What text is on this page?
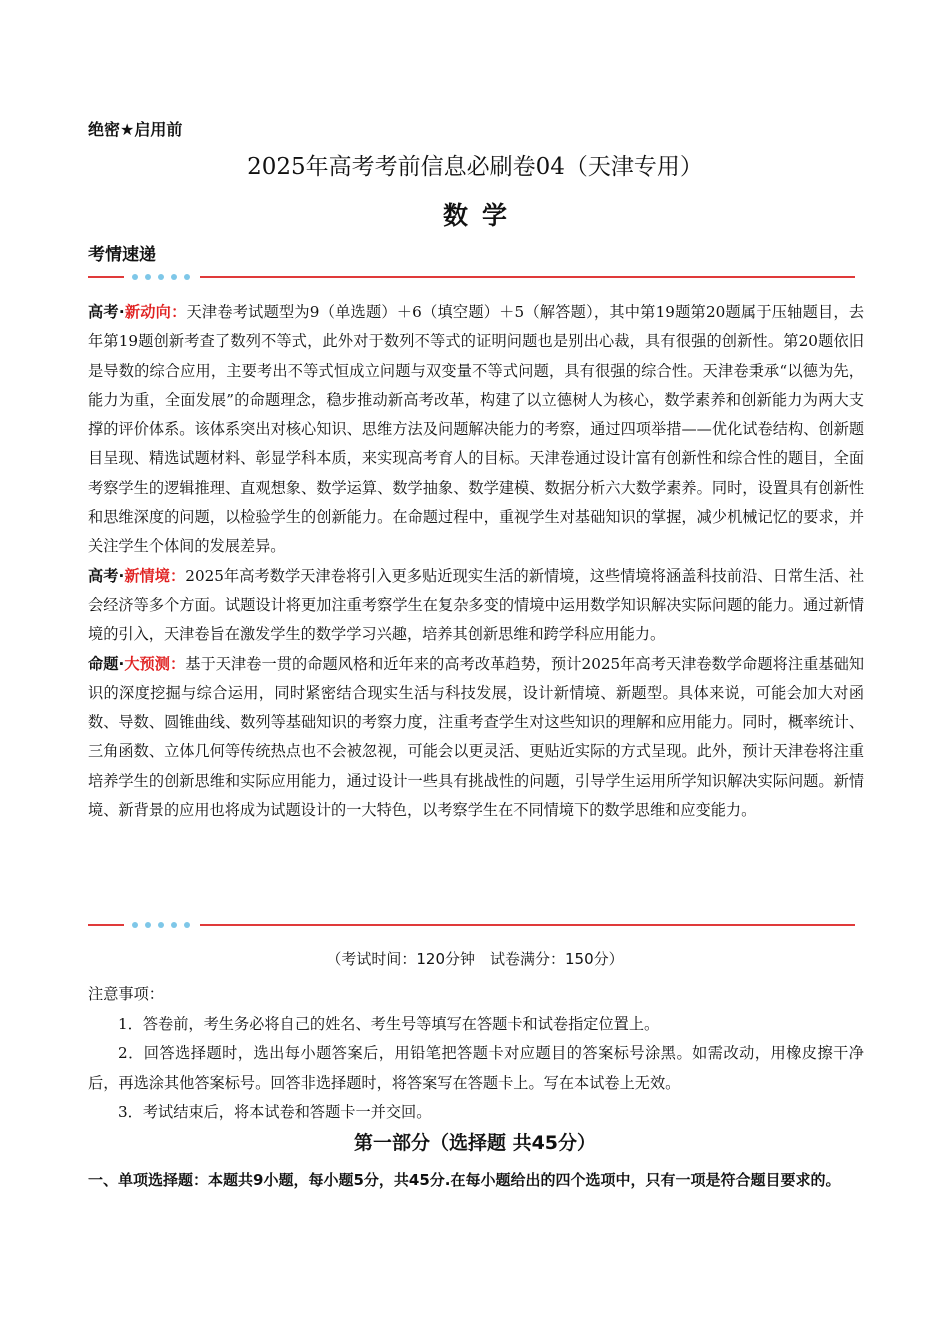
绝密★启用前
2025年高考考前信息必刷卷04（天津专用）
数学
考情速递

高考·新动向：天津卷考试题型为9（单选题）＋6（填空题）＋5（解答题），其中第19题第20题属于压轴题目，去年第19题创新考查了数列不等式，此外对于数列不等式的证明问题也是别出心裁，具有很强的创新性。第20题依旧是导数的综合应用，主要考出不等式恒成立问题与双变量不等式问题，具有很强的综合性。天津卷秉承“以德为先，能力为重，全面发展”的命题理念，稳步推动新高考改革，构建了以立德树人为核心，数学素养和创新能力为两大支撑的评价体系。该体系突出对核心知识、思维方法及问题解决能力的考察，通过四项举措——优化试卷结构、创新题目呈现、精选试题材料、彰显学科本质，来实现高考育人的目标。天津卷通过设计富有创新性和综合性的题目，全面考察学生的逻辑推理、直观想象、数学运算、数学抽象、数学建模、数据分析六大数学素养。同时，设置具有创新性和思维深度的问题，以检验学生的创新能力。在命题过程中，重视学生对基础知识的掌握，减少机械记忆的要求，并关注学生个体间的发展差异。

高考·新情境：2025年高考数学天津卷将引入更多贴近现实生活的新情境，这些情境将涵盖科技前沿、日常生活、社会经济等多个方面。试题设计将更加注重考察学生在复杂多变的情境中运用数学知识解决实际问题的能力。通过新情境的引入，天津卷旨在激发学生的数学学习兴趣，培养其创新思维和跨学科应用能力。

命题·大预测：基于天津卷一贯的命题风格和近年来的高考改革趋势，预计2025年高考天津卷数学命题将注重基础知识的深度挖掘与综合运用，同时紧密结合现实生活与科技发展，设计新情境、新题型。具体来说，可能会加大对函数、导数、圆锥曲线、数列等基础知识的考察力度，注重考查学生对这些知识的理解和应用能力。同时，概率统计、三角函数、立体几何等传统热点也不会被忽视，可能会以更灵活、更贴近实际的方式呈现。此外，预计天津卷将注重培养学生的创新思维和实际应用能力，通过设计一些具有挑战性的问题，引导学生运用所学知识解决实际问题。新情境、新背景的应用也将成为试题设计的一大特色，以考察学生在不同情境下的数学思维和应变能力。

（考试时间：120分钟　试卷满分：150分）

注意事项：

1．答卷前，考生务必将自己的姓名、考生号等填写在答题卡和试卷指定位置上。

2．回答选择题时，选出每小题答案后，用铅笔把答题卡对应题目的答案标号涂黑。如需改动，用橡皮擦干净后，再选涂其他答案标号。回答非选择题时，将答案写在答题卡上。写在本试卷上无效。

3．考试结束后，将本试卷和答题卡一并交回。

第一部分（选择题 共45分）
一、单项选择题：本题共9小题，每小题5分，共45分.在每小题给出的四个选项中，只有一项是符合题目要求的。
